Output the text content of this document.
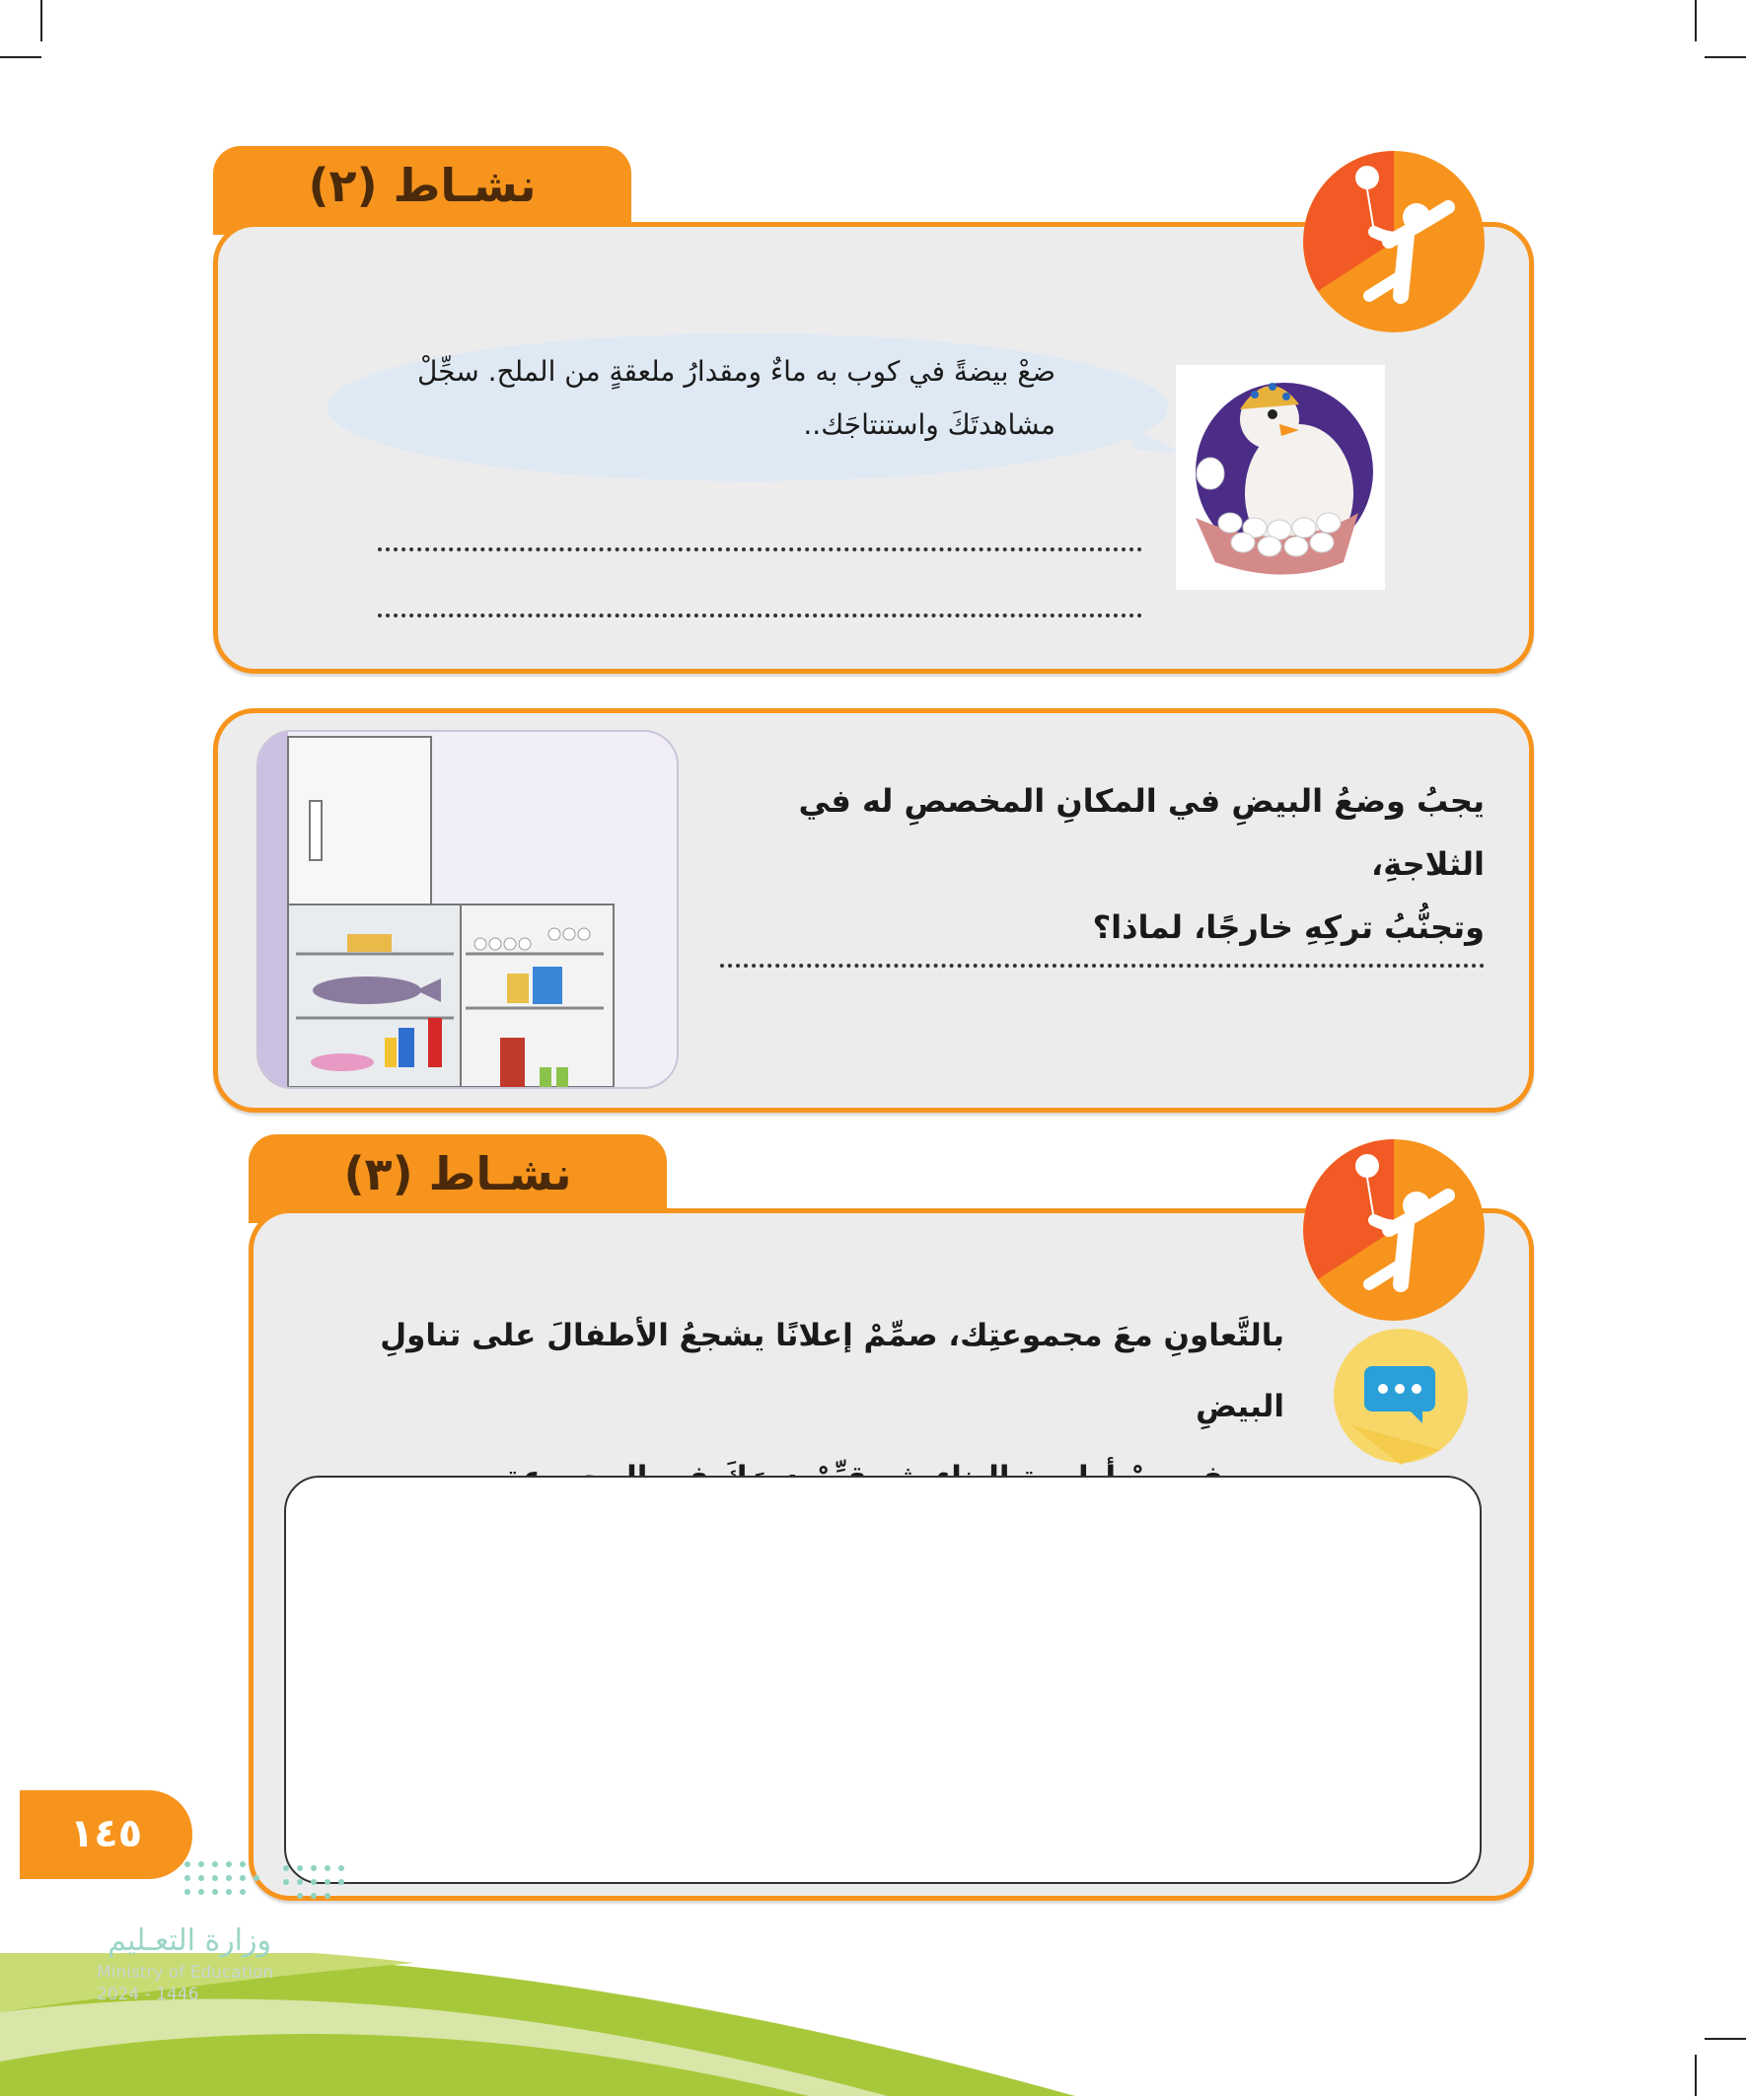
نشـاط (٢)
ضعْ بيضةً في كوب به ماءٌ ومقدارُ ملعقةٍ من الملح. سجِّلْ
مشاهدتَكَ واستنتاجَك..
يجبُ وضعُ البيضِ في المكانِ المخصصِ له في الثلاجةِ،
وتجنُّبُ تركِهِ خارجًا، لماذا؟
نشـاط (٣)
بالتَّعاونِ معَ مجموعتِك، صمِّمْ إعلانًا يشجعُ الأطفالَ على تناولِ البيضِ
١٤٥
وزارة التعـليم
Ministry of Education
2024 - 1446
